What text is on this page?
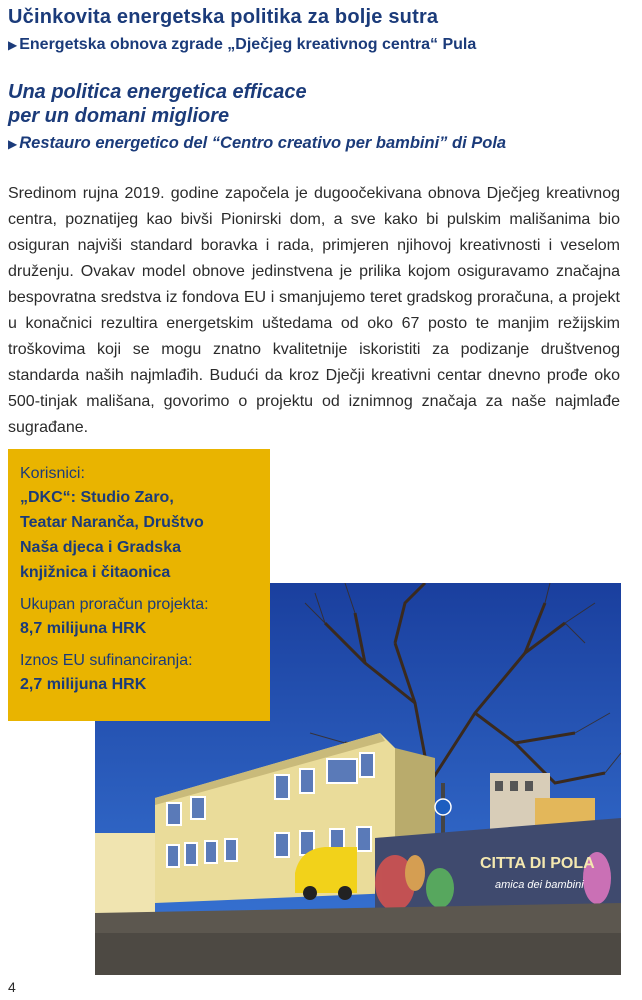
Učinkovita energetska politika za bolje sutra

▶ Energetska obnova zgrade „Dječjeg kreativnog centra“ Pula

Una politica energetica efficace
per un domani migliore

▶ Restauro energetico del “Centro creativo per bambini” di Pola

Sredinom rujna 2019. godine započela je dugoočekivana obnova Dječjeg kreativnog centra, poznatijeg kao bivši Pionirski dom, a sve kako bi pulskim mališanima bio osiguran najviši standard boravka i rada, primjeren njihovoj kreativnosti i veselom druženju. Ovakav model obnove jedinstvena je prilika kojom osiguravamo značajna bespovratna sredstva iz fondova EU i smanjujemo teret gradskog proračuna, a projekt u konačnici rezultira energetskim uštedama od oko 67 posto te manjim režijskim troškovima koji se mogu znatno kvalitetnije iskoristiti za podizanje društvenog standarda naših najmlađih. Budući da kroz Dječji kreativni centar dnevno prođe oko 500-tinjak mališana, govorimo o projektu od iznimnog značaja za naše najmlađe sugrađane.

CITTA DI POLA
amica dei bambini

Korisnici:

„DKC“: Studio Zaro,

Teatar Naranča, Društvo

Naša djeca i Gradska

knjižnica i čitaonica

Ukupan proračun projekta:

8,7 milijuna HRK

Iznos EU sufinanciranja:

2,7 milijuna HRK

4
